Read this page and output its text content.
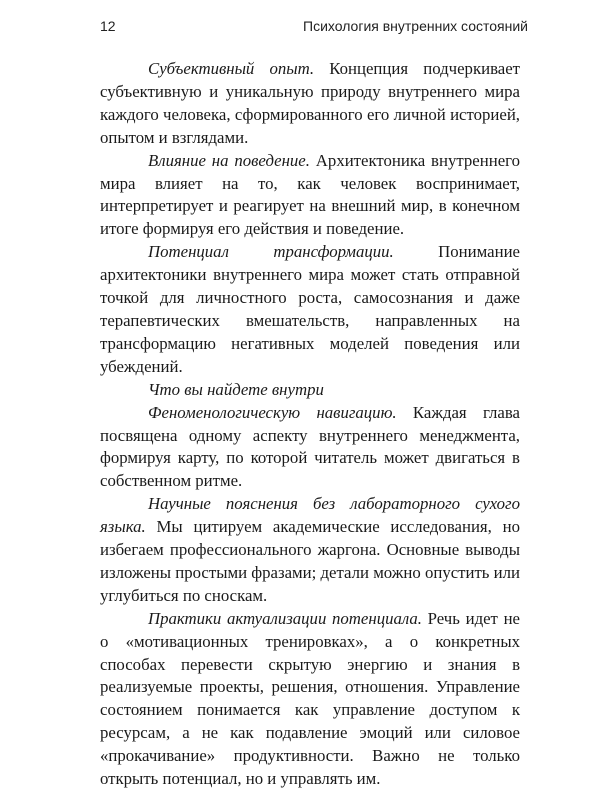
12	Психология внутренних состояний

Субъективный опыт. Концепция подчеркивает субъективную и уникальную природу внутреннего мира каждого человека, сформированного его личной историей, опытом и взглядами.

Влияние на поведение. Архитектоника внутреннего мира влияет на то, как человек воспринимает, интерпретирует и реагирует на внешний мир, в конечном итоге формируя его действия и поведение.

Потенциал трансформации. Понимание архитектоники внутреннего мира может стать отправной точкой для личностного роста, самосознания и даже терапевтических вмешательств, направленных на трансформацию негативных моделей поведения или убеждений.

Что вы найдете внутри

Феноменологическую навигацию. Каждая глава посвящена одному аспекту внутреннего менеджмента, формируя карту, по которой читатель может двигаться в собственном ритме.

Научные пояснения без лабораторного сухого языка. Мы цитируем академические исследования, но избегаем профессионального жаргона. Основные выводы изложены простыми фразами; детали можно опустить или углубиться по сноскам.

Практики актуализации потенциала. Речь идет не о «мотивационных тренировках», а о конкретных способах перевести скрытую энергию и знания в реализуемые проекты, решения, отношения. Управление состоянием понимается как управление доступом к ресурсам, а не как подавление эмоций или силовое «прокачивание» продуктивности. Важно не только открыть потенциал, но и управлять им.
